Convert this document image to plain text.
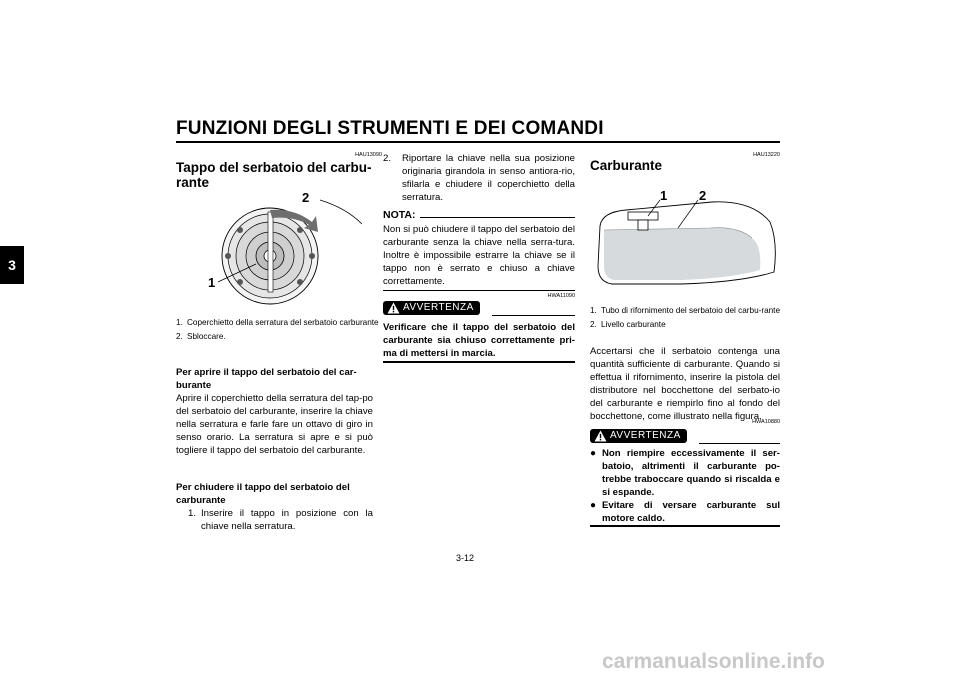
FUNZIONI DEGLI STRUMENTI E DEI COMANDI
3
HAU13090
Tappo del serbatoio del carbu-rante
2
1
1. Coperchietto della serratura del serbatoio carburante
2. Sbloccare.
Per aprire il tappo del serbatoio del car-burante
Aprire il coperchietto della serratura del tap-po del serbatoio del carburante, inserire la chiave nella serratura e farle fare un ottavo di giro in senso orario. La serratura si apre e si può togliere il tappo del serbatoio del carburante.
Per chiudere il tappo del serbatoio del carburante
1. Inserire il tappo in posizione con la chiave nella serratura.
2.	Riportare la chiave nella sua posizione originaria girandola in senso antiora-rio, sfilarla e chiudere il coperchietto della serratura.
NOTA:
Non si può chiudere il tappo del serbatoio del carburante senza la chiave nella serra-tura. Inoltre è impossibile estrarre la chiave se il tappo non è serrato e chiuso a chiave correttamente.
HWA11090
AVVERTENZA
Verificare che il tappo del serbatoio del carburante sia chiuso correttamente pri-ma di mettersi in marcia.
HAU13220
Carburante
1 2
1. Tubo di rifornimento del serbatoio del carbu-rante
2. Livello carburante
Accertarsi che il serbatoio contenga una quantità sufficiente di carburante. Quando si effettua il rifornimento, inserire la pistola del distributore nel bocchettone del serbato-io del carburante e riempirlo fino al fondo del bocchettone, come illustrato nella figura.
HWA10880
AVVERTENZA
● Non riempire eccessivamente il ser-batoio, altrimenti il carburante po-trebbe traboccare quando si riscalda e si espande.
● Evitare di versare carburante sul motore caldo.
3-12
carmanualsonline.info
